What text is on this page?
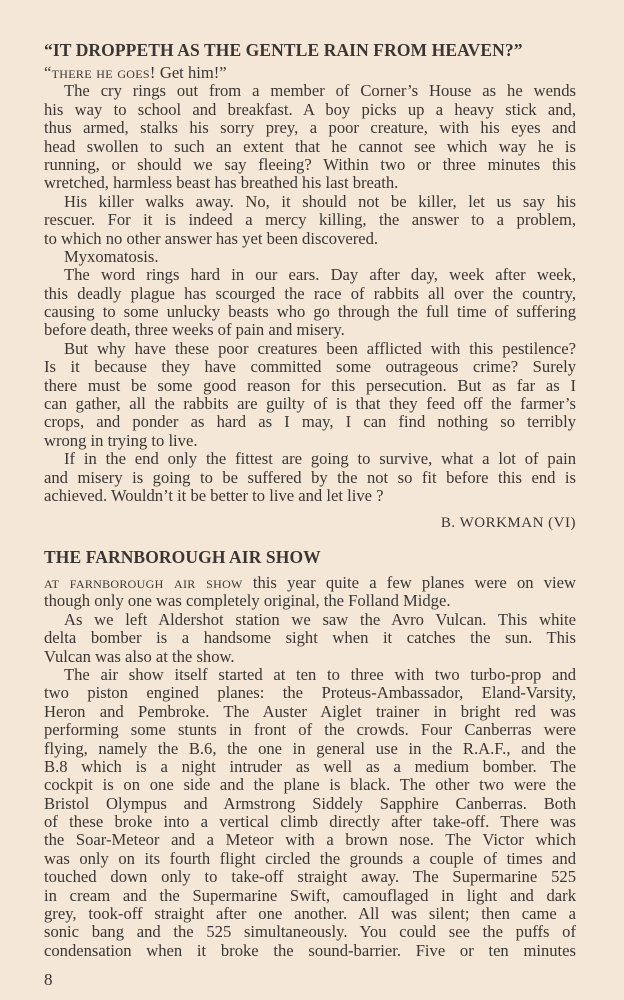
“IT DROPPETH AS THE GENTLE RAIN FROM HEAVEN?”
“there he goes! Get him!”
The cry rings out from a member of Corner’s House as he wends
his way to school and breakfast. A boy picks up a heavy stick and,
thus armed, stalks his sorry prey, a poor creature, with his eyes and
head swollen to such an extent that he cannot see which way he is
running, or should we say fleeing? Within two or three minutes this
wretched, harmless beast has breathed his last breath.
His killer walks away. No, it should not be killer, let us say his
rescuer. For it is indeed a mercy killing, the answer to a problem,
to which no other answer has yet been discovered.
Myxomatosis.
The word rings hard in our ears. Day after day, week after week,
this deadly plague has scourged the race of rabbits all over the country,
causing to some unlucky beasts who go through the full time of suffering
before death, three weeks of pain and misery.
But why have these poor creatures been afflicted with this pestilence?
Is it because they have committed some outrageous crime? Surely
there must be some good reason for this persecution. But as far as I
can gather, all the rabbits are guilty of is that they feed off the farmer’s
crops, and ponder as hard as I may, I can find nothing so terribly
wrong in trying to live.
If in the end only the fittest are going to survive, what a lot of pain
and misery is going to be suffered by the not so fit before this end is
achieved. Wouldn’t it be better to live and let live ?
B. WORKMAN (VI)
THE FARNBOROUGH AIR SHOW
at farnborough air show this year quite a few planes were on view
though only one was completely original, the Folland Midge.
As we left Aldershot station we saw the Avro Vulcan. This white
delta bomber is a handsome sight when it catches the sun. This
Vulcan was also at the show.
The air show itself started at ten to three with two turbo-prop and
two piston engined planes: the Proteus-Ambassador, Eland-Varsity,
Heron and Pembroke. The Auster Aiglet trainer in bright red was
performing some stunts in front of the crowds. Four Canberras were
flying, namely the B.6, the one in general use in the R.A.F., and the
B.8 which is a night intruder as well as a medium bomber. The
cockpit is on one side and the plane is black. The other two were the
Bristol Olympus and Armstrong Siddely Sapphire Canberras. Both
of these broke into a vertical climb directly after take-off. There was
the Soar-Meteor and a Meteor with a brown nose. The Victor which
was only on its fourth flight circled the grounds a couple of times and
touched down only to take-off straight away. The Supermarine 525
in cream and the Supermarine Swift, camouflaged in light and dark
grey, took-off straight after one another. All was silent; then came a
sonic bang and the 525 simultaneously. You could see the puffs of
condensation when it broke the sound-barrier. Five or ten minutes
8
